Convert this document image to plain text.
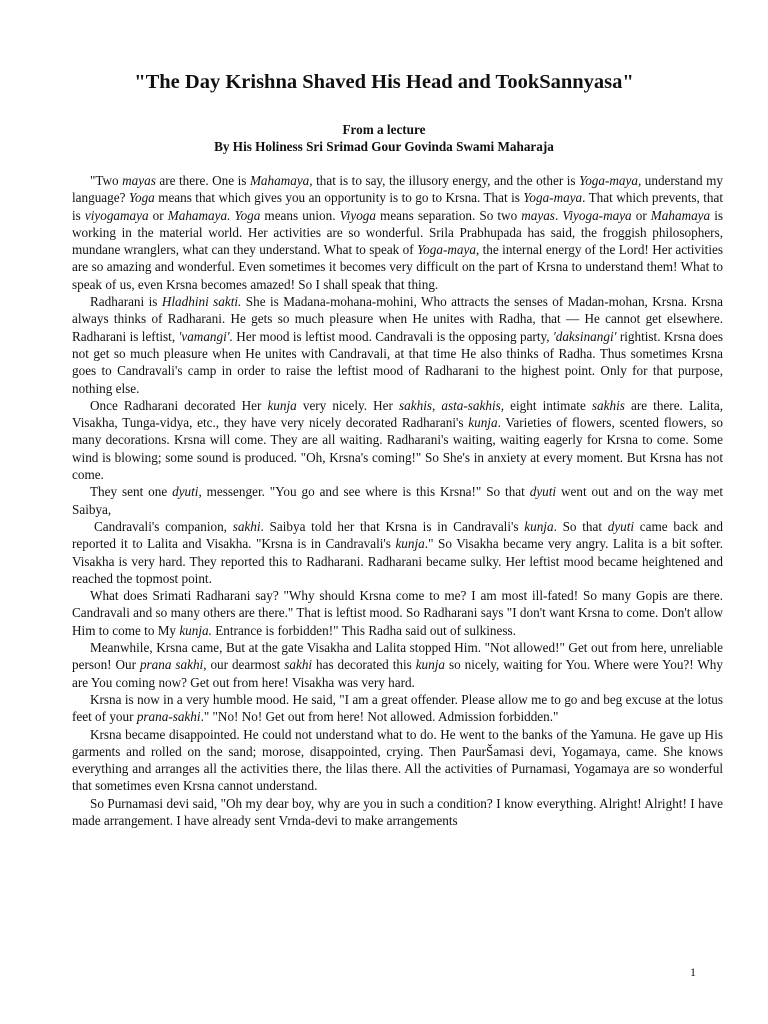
"The Day Krishna Shaved His Head and TookSannyasa"
From a lecture
By His Holiness Sri Srimad Gour Govinda Swami Maharaja

"Two mayas are there. One is Mahamaya, that is to say, the illusory energy, and the other is Yoga-maya, understand my language? Yoga means that which gives you an opportunity is to go to Krsna. That is Yoga-maya. That which prevents, that is viyogamaya or Mahamaya. Yoga means union. Viyoga means separation. So two mayas. Viyoga-maya or Mahamaya is working in the material world. Her activities are so wonderful. Srila Prabhupada has said, the froggish philosophers, mundane wranglers, what can they understand. What to speak of Yoga-maya, the internal energy of the Lord! Her activities are so amazing and wonderful. Even sometimes it becomes very difficult on the part of Krsna to understand them! What to speak of us, even Krsna becomes amazed! So I shall speak that thing.

Radharani is Hladhini sakti. She is Madana-mohana-mohini, Who attracts the senses of Madan-mohan, Krsna. Krsna always thinks of Radharani. He gets so much pleasure when He unites with Radha, that — He cannot get elsewhere. Radharani is leftist, 'vamangi'. Her mood is leftist mood. Candravali is the opposing party, 'daksinangi' rightist. Krsna does not get so much pleasure when He unites with Candravali, at that time He also thinks of Radha. Thus sometimes Krsna goes to Candravali's camp in order to raise the leftist mood of Radharani to the highest point. Only for that purpose, nothing else.

Once Radharani decorated Her kunja very nicely. Her sakhis, asta-sakhis, eight intimate sakhis are there. Lalita, Visakha, Tunga-vidya, etc., they have very nicely decorated Radharani's kunja. Varieties of flowers, scented flowers, so many decorations. Krsna will come. They are all waiting. Radharani's waiting, waiting eagerly for Krsna to come. Some wind is blowing; some sound is produced. "Oh, Krsna's coming!" So She's in anxiety at every moment. But Krsna has not come.

They sent one dyuti, messenger. "You go and see where is this Krsna!" So that dyuti went out and on the way met Saibya,

Candravali's companion, sakhi. Saibya told her that Krsna is in Candravali's kunja. So that dyuti came back and reported it to Lalita and Visakha. "Krsna is in Candravali's kunja." So Visakha became very angry. Lalita is a bit softer. Visakha is very hard. They reported this to Radharani. Radharani became sulky. Her leftist mood became heightened and reached the topmost point.

What does Srimati Radharani say? "Why should Krsna come to me? I am most ill-fated! So many Gopis are there. Candravali and so many others are there." That is leftist mood. So Radharani says "I don't want Krsna to come. Don't allow Him to come to My kunja. Entrance is forbidden!" This Radha said out of sulkiness.

Meanwhile, Krsna came, But at the gate Visakha and Lalita stopped Him. "Not allowed!" Get out from here, unreliable person! Our prana sakhi, our dearmost sakhi has decorated this kunja so nicely, waiting for You. Where were You?! Why are You coming now? Get out from here! Visakha was very hard.

Krsna is now in a very humble mood. He said, "I am a great offender. Please allow me to go and beg excuse at the lotus feet of your prana-sakhi." "No! No! Get out from here! Not allowed. Admission forbidden."

Krsna became disappointed. He could not understand what to do. He went to the banks of the Yamuna. He gave up His garments and rolled on the sand; morose, disappointed, crying. Then PaurŠamasi devi, Yogamaya, came. She knows everything and arranges all the activities there, the lilas there. All the activities of Purnamasi, Yogamaya are so wonderful that sometimes even Krsna cannot understand.

So Purnamasi devi said, "Oh my dear boy, why are you in such a condition? I know everything. Alright! Alright! I have made arrangement. I have already sent Vrnda-devi to make arrangements

1
